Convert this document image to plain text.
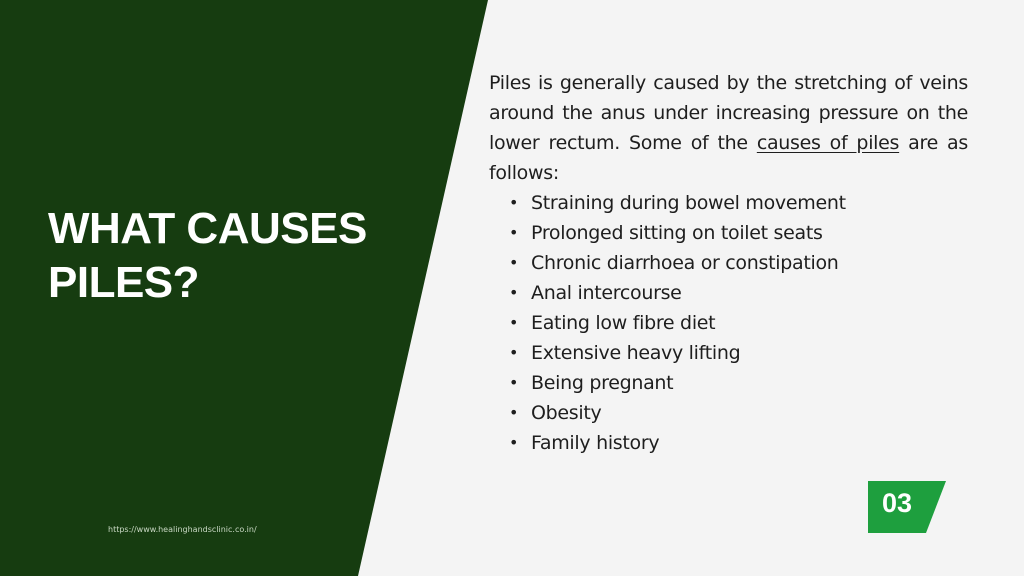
WHAT CAUSES PILES?
https://www.healinghandsclinic.co.in/

Piles is generally caused by the stretching of veins around the anus under increasing pressure on the lower rectum. Some of the causes of piles are as follows:

• Straining during bowel movement
• Prolonged sitting on toilet seats
• Chronic diarrhoea or constipation
• Anal intercourse
• Eating low fibre diet
• Extensive heavy lifting
• Being pregnant
• Obesity
• Family history
03
